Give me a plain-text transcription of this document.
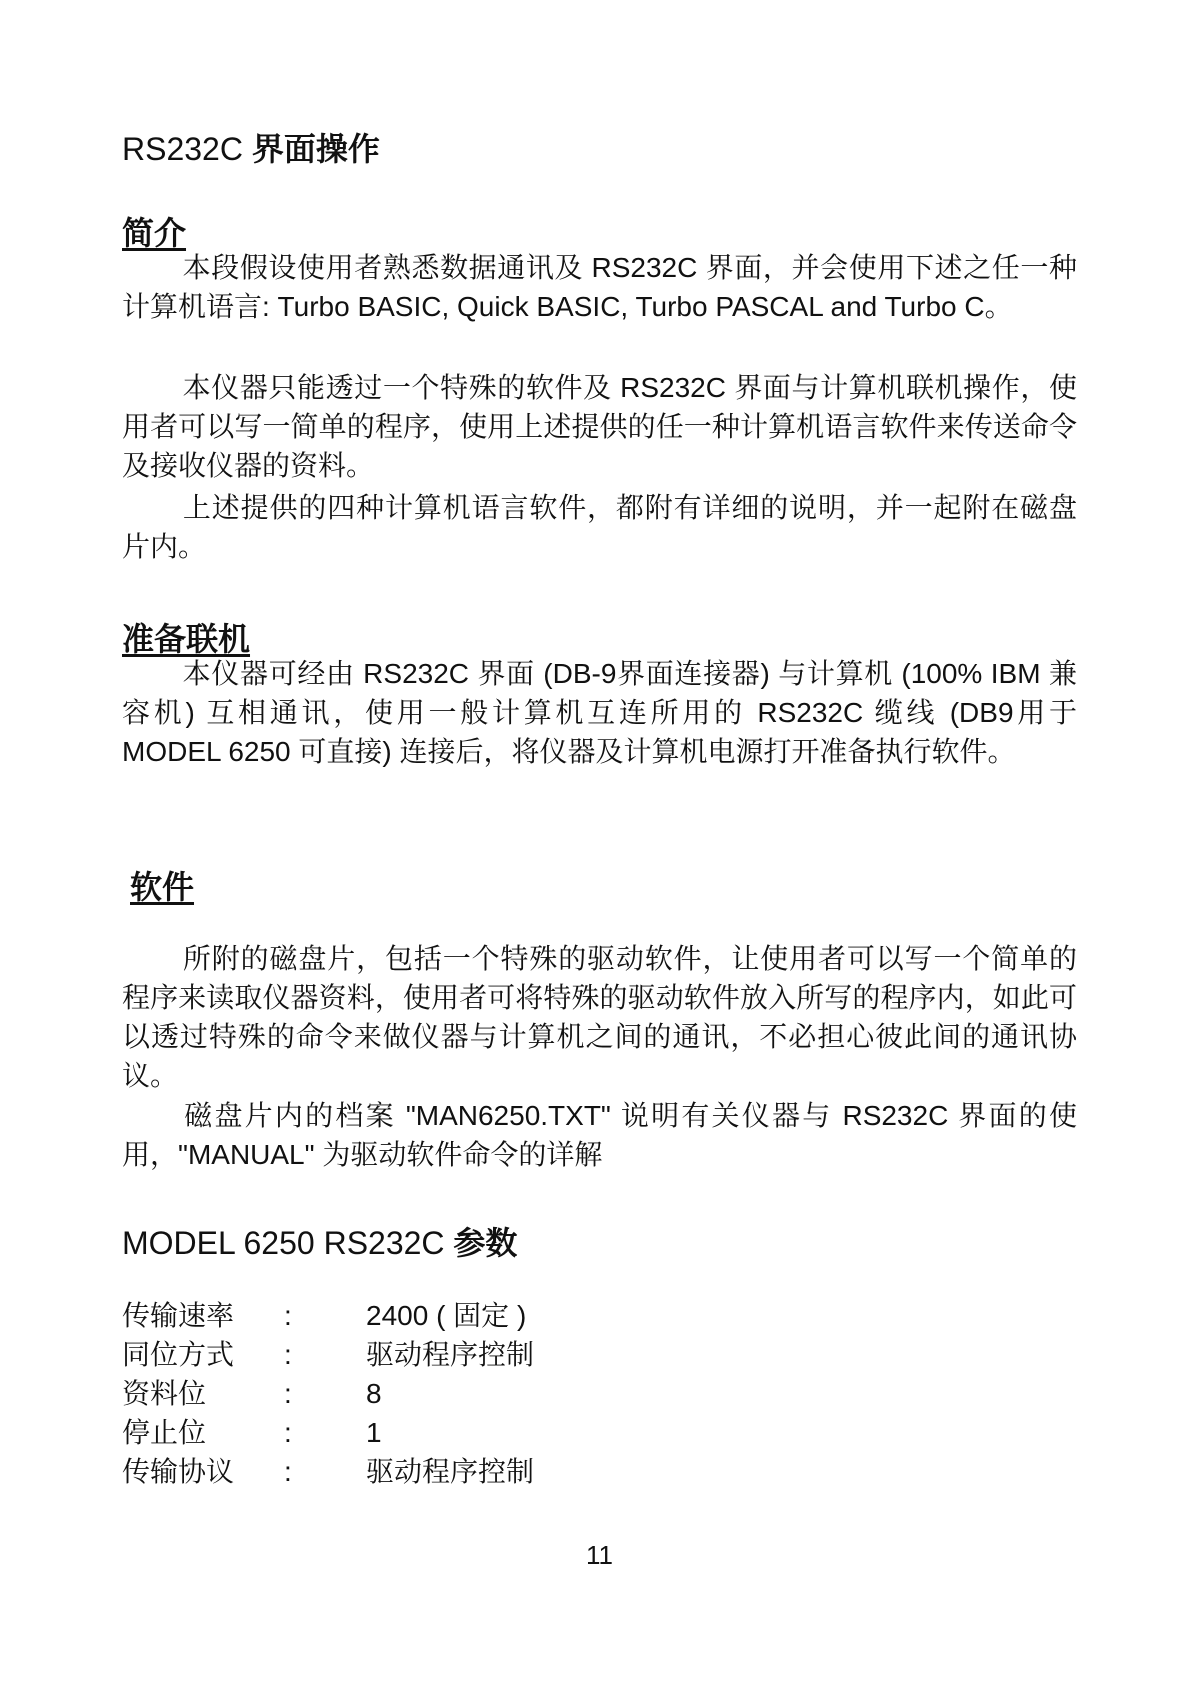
RS232C 界面操作
简介

本段假设使用者熟悉数据通讯及 RS232C 界面，并会使用下述之任一种计算机语言: Turbo BASIC, Quick BASIC, Turbo PASCAL and Turbo C。

本仪器只能透过一个特殊的软件及 RS232C 界面与计算机联机操作，使用者可以写一简单的程序，使用上述提供的任一种计算机语言软件来传送命令及接收仪器的资料。

上述提供的四种计算机语言软件，都附有详细的说明，并一起附在磁盘片内。

准备联机

本仪器可经由 RS232C 界面 (DB-9界面连接器) 与计算机 (100% IBM 兼容机) 互相通讯，使用一般计算机互连所用的 RS232C 缆线 (DB9用于 MODEL 6250 可直接) 连接后，将仪器及计算机电源打开准备执行软件。

软件

所附的磁盘片，包括一个特殊的驱动软件，让使用者可以写一个简单的程序来读取仪器资料，使用者可将特殊的驱动软件放入所写的程序内，如此可以透过特殊的命令来做仪器与计算机之间的通讯，不必担心彼此间的通讯协议。

磁盘片内的档案 "MAN6250.TXT" 说明有关仪器与 RS232C 界面的使用，"MANUAL" 为驱动软件命令的详解

MODEL 6250 RS232C 参数
传输速率 :	2400 ( 固定 )
同位方式 :	驱动程序控制
资料位	:	8
停止位	:	1
传输协议 :	驱动程序控制
11
